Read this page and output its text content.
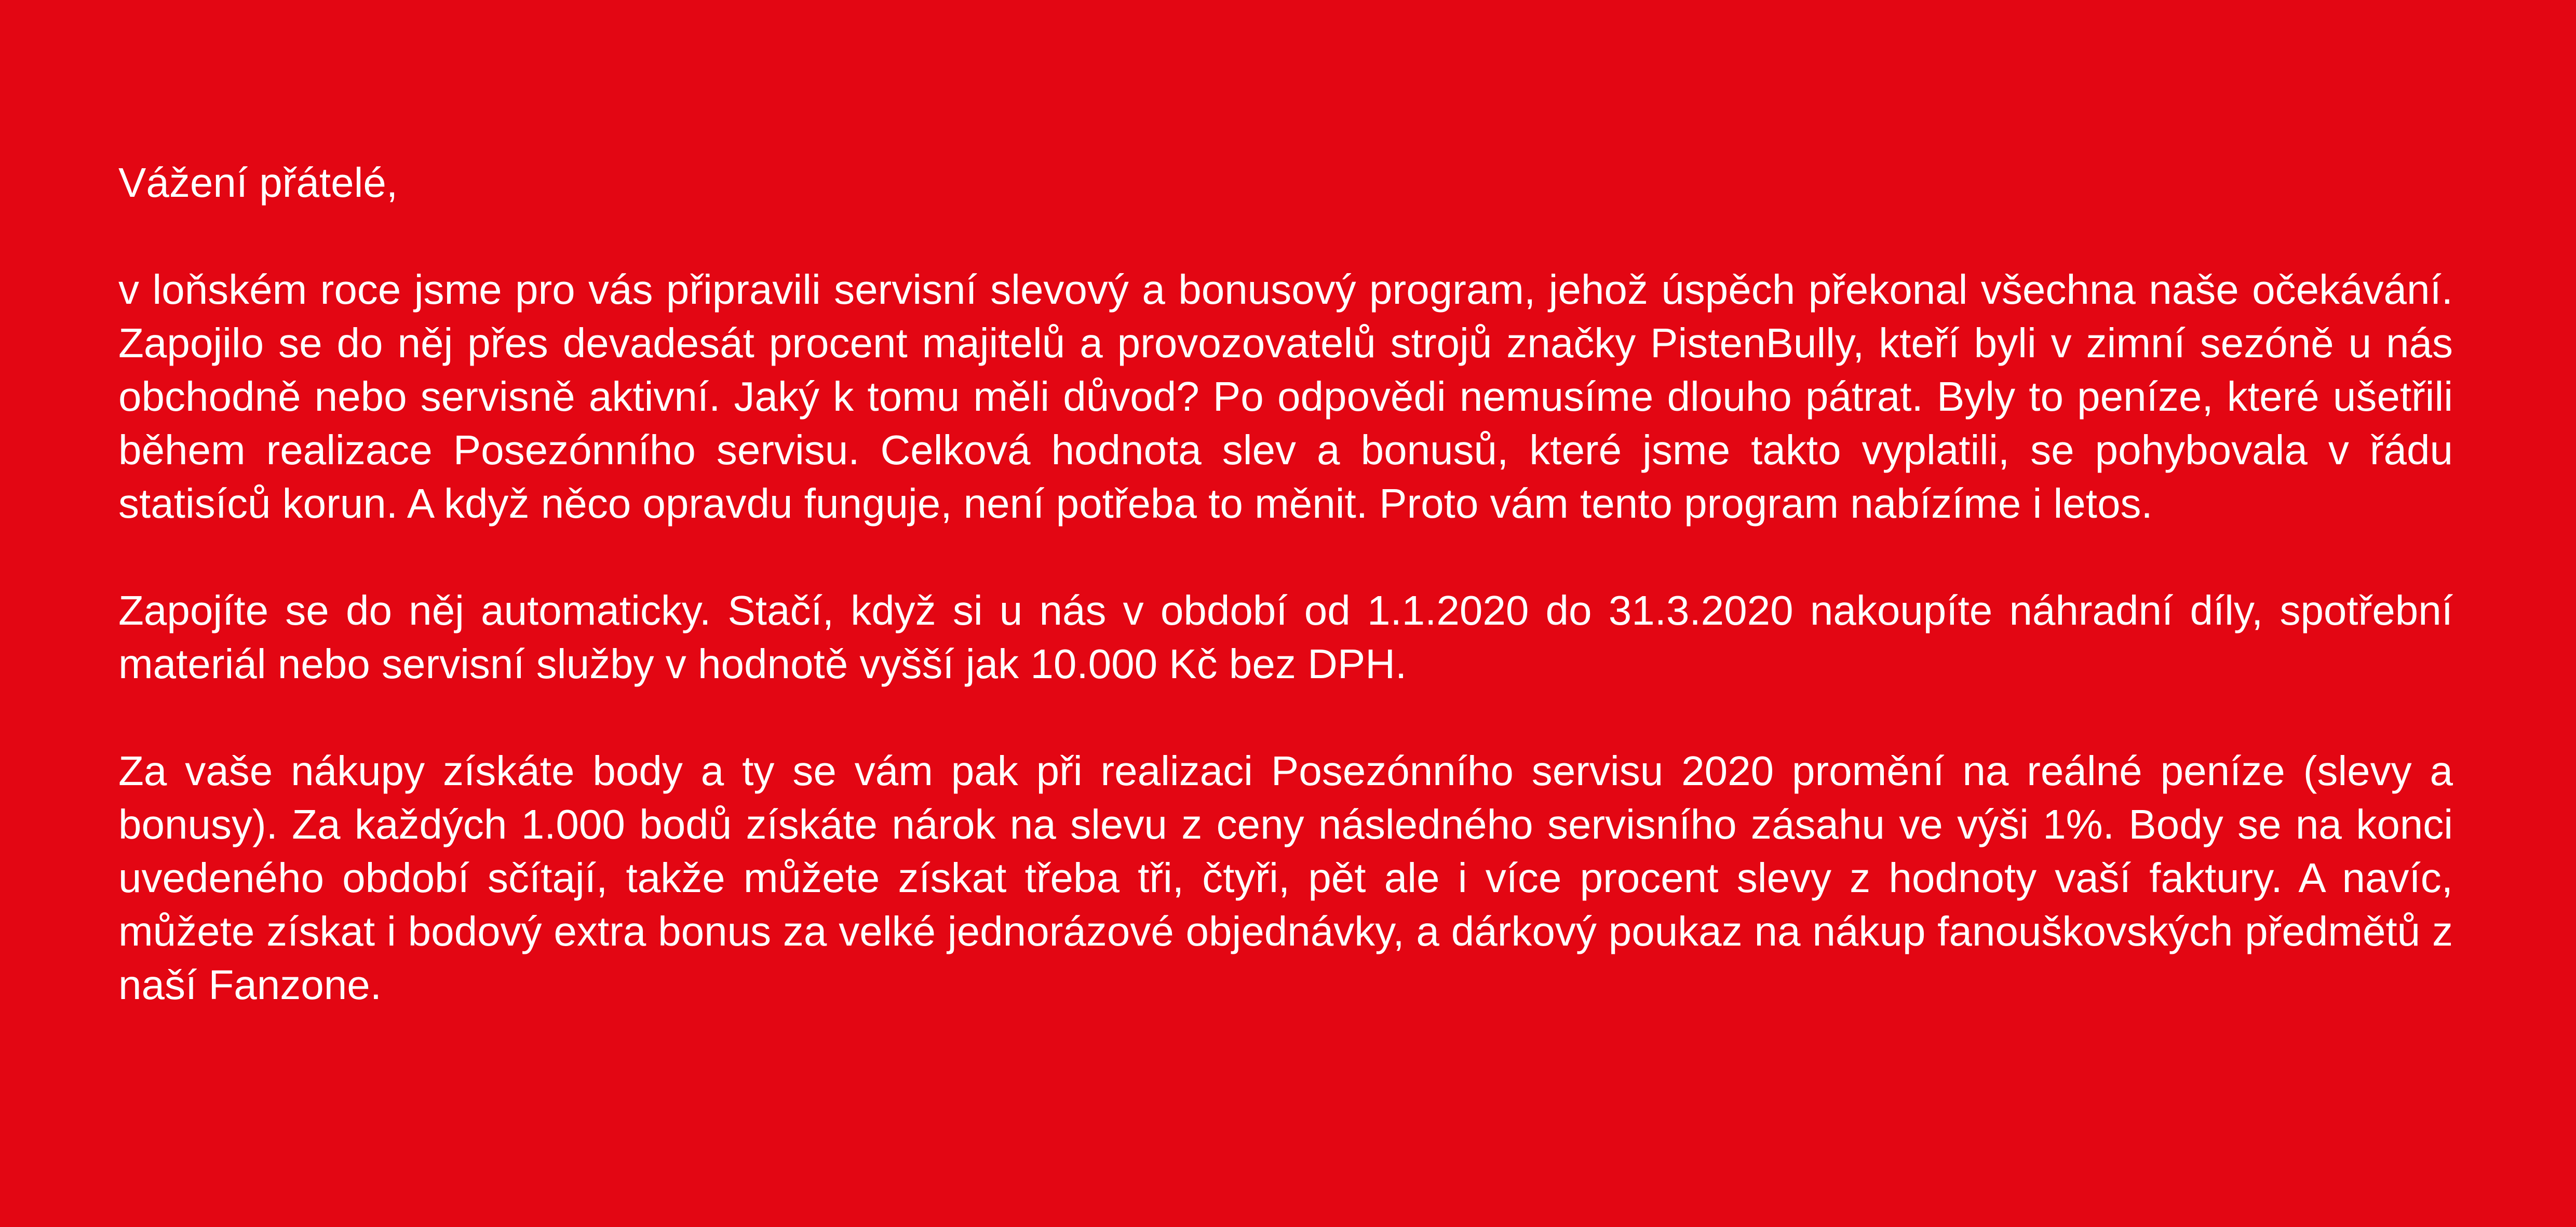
Vážení přátelé,

v loňském roce jsme pro vás připravili servisní slevový a bonusový program, jehož úspěch překonal všechna naše očekávání. Zapojilo se do něj přes devadesát procent majitelů a provozovatelů strojů značky PistenBully, kteří byli v zimní sezóně u nás obchodně nebo servisně aktivní. Jaký k tomu měli důvod? Po odpovědi nemusíme dlouho pátrat. Byly to peníze, které ušetřili během realizace Posezónního servisu. Celková hodnota slev a bonusů, které jsme takto vyplatili, se pohybovala v řádu statisíců korun. A když něco opravdu funguje, není potřeba to měnit. Proto vám tento program nabízíme i letos.

Zapojíte se do něj automaticky. Stačí, když si u nás v období od 1.1.2020 do 31.3.2020 nakoupíte náhradní díly, spotřební materiál nebo servisní služby v hodnotě vyšší jak 10.000 Kč bez DPH.

Za vaše nákupy získáte body a ty se vám pak při realizaci Posezónního servisu 2020 promění na reálné peníze (slevy a bonusy). Za každých 1.000 bodů získáte nárok na slevu z ceny následného servisního zásahu ve výši 1%. Body se na konci uvedeného období sčítají, takže můžete získat třeba tři, čtyři, pět ale i více procent slevy z hodnoty vaší faktury. A navíc, můžete získat i bodový extra bonus za velké jednorázové objednávky, a dárkový poukaz na nákup fanouškovských předmětů z naší Fanzone.
